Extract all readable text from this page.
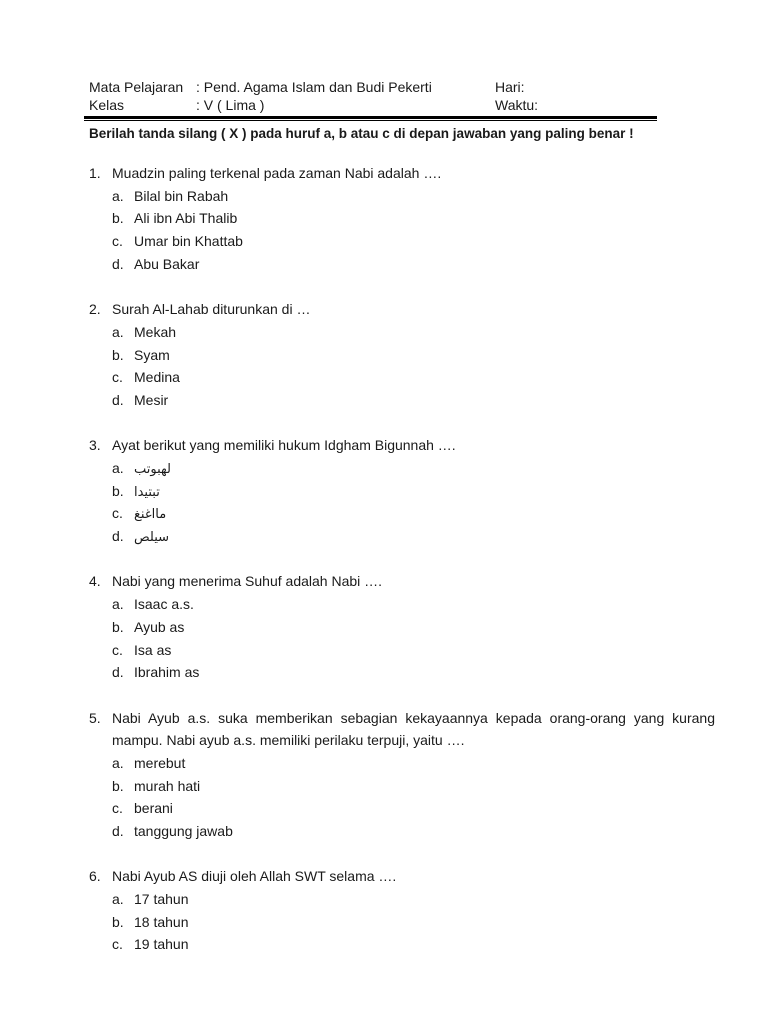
Mata Pelajaran : Pend. Agama Islam dan Budi Pekerti	Hari:
Kelas	: V ( Lima )	Waktu:
Berilah tanda silang ( X ) pada huruf a, b atau c di depan jawaban yang paling benar !
1. Muadzin paling terkenal pada zaman Nabi adalah ….
a. Bilal bin Rabah
b. Ali ibn Abi Thalib
c. Umar bin Khattab
d. Abu Bakar
2. Surah Al-Lahab diturunkan di …
a. Mekah
b. Syam
c. Medina
d. Mesir
3. Ayat berikut yang memiliki hukum Idgham Bigunnah ….
a. لهبوتب
b. تبتيدا
c. مااغنغ
d. سيلص
4. Nabi yang menerima Suhuf adalah Nabi ….
a. Isaac a.s.
b. Ayub as
c. Isa as
d. Ibrahim as
5. Nabi Ayub a.s. suka memberikan sebagian kekayaannya kepada orang-orang yang kurang mampu. Nabi ayub a.s. memiliki perilaku terpuji, yaitu ….
a. merebut
b. murah hati
c. berani
d. tanggung jawab
6. Nabi Ayub AS diuji oleh Allah SWT selama ….
a. 17 tahun
b. 18 tahun
c. 19 tahun
